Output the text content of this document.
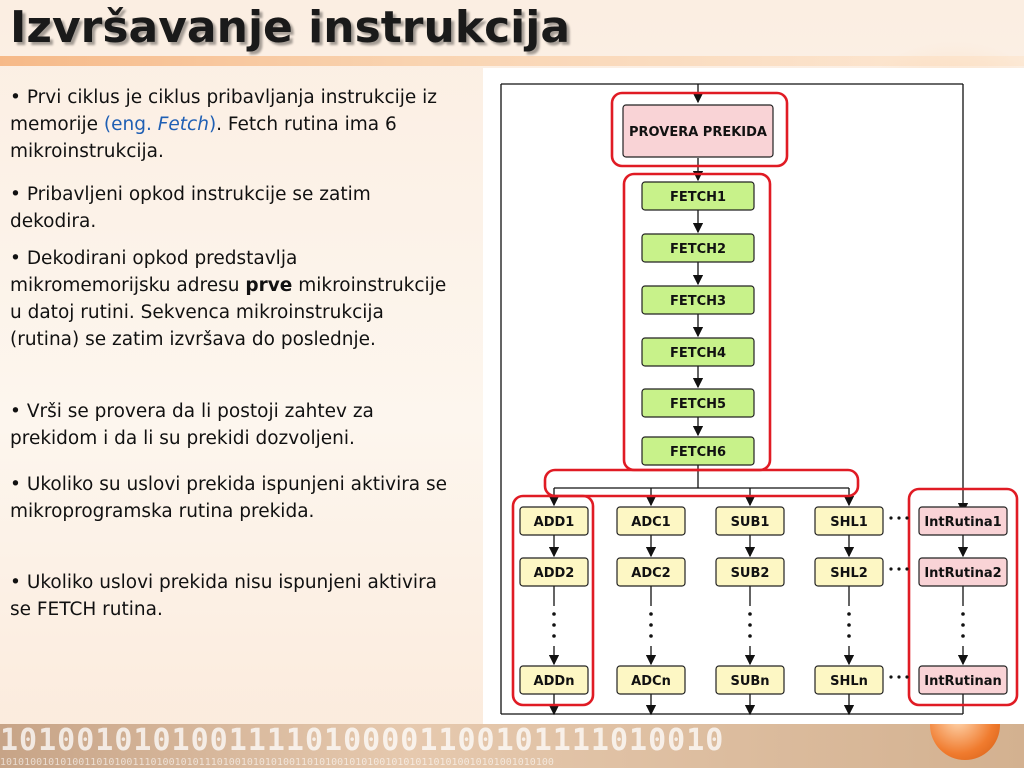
10100101010011110100001100101111010010
10101001010100110101001110100101011101001010101001101010010101001010101101010010101001010100
Izvršavanje instrukcija

• Prvi ciklus je ciklus pribavljanja instrukcije iz memorije (eng. Fetch). Fetch rutina ima 6 mikroinstrukcija.

• Pribavljeni opkod instrukcije se zatim dekodira.

• Dekodirani opkod predstavlja mikromemorijsku adresu prve mikroinstrukcije u datoj rutini. Sekvenca mikroinstrukcija (rutina) se zatim izvršava do poslednje.

• Vrši se provera da li postoji zahtev za prekidom i da li su prekidi dozvoljeni.

• Ukoliko su uslovi prekida ispunjeni aktivira se mikroprogramska rutina prekida.

• Ukoliko uslovi prekida nisu ispunjeni aktivira se FETCH rutina.

ADD1
ADD2
ADDn
ADC1
ADC2
ADCn
SUB1
SUB2
SUBn
SHL1
SHL2
SHLn
IntRutina1
IntRutina2
IntRutinan
PROVERA PREKIDA
FETCH1
FETCH2
FETCH3
FETCH4
FETCH5
FETCH6
